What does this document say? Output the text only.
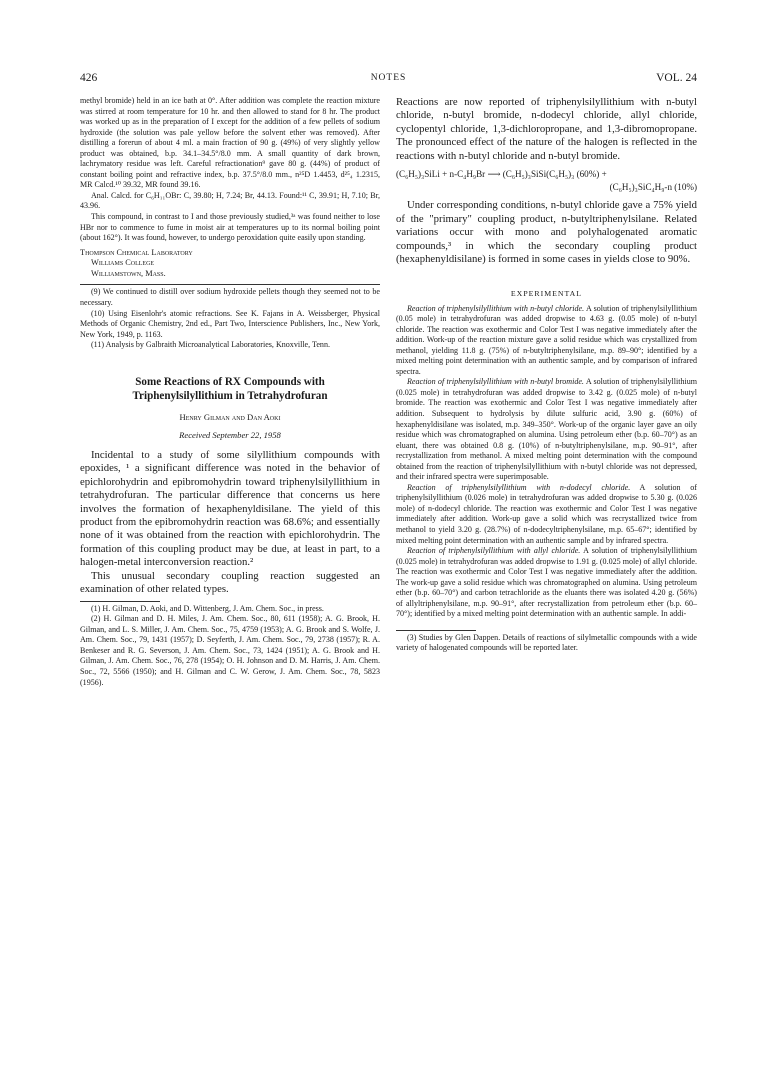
426	NOTES	VOL. 24

methyl bromide) held in an ice bath at 0°. After addition was complete the reaction mixture was stirred at room temperature for 10 hr. and then allowed to stand for 8 hr. The product was worked up as in the preparation of I except for the addition of a few pellets of sodium hydroxide (the solution was pale yellow before the solvent ether was removed). After distilling a forerun of about 4 ml. a main fraction of 90 g. (49%) of very slightly yellow product was obtained, b.p. 34.1–34.5°/8.0 mm. A small quantity of dark brown, lachrymatory residue was left. Careful refractionation⁹ gave 80 g. (44%) of product of constant boiling point and refractive index, b.p. 37.5°/8.0 mm., n²⁵D 1.4453, d²⁵₄ 1.2315, MR Calcd.¹⁰ 39.32, MR found 39.16.

Anal. Calcd. for C₆H₁₁OBr: C, 39.80; H, 7.24; Br, 44.13. Found:¹¹ C, 39.91; H, 7.10; Br, 43.96.

This compound, in contrast to I and those previously studied,³ᵃ was found neither to lose HBr nor to commence to fume in moist air at temperatures up to its normal boiling point (about 162°). It was found, however, to undergo peroxidation quite easily upon standing.

Thompson Chemical Laboratory
Williams College
Williamstown, Mass.

(9) We continued to distill over sodium hydroxide pellets though they seemed not to be necessary.

(10) Using Eisenlohr's atomic refractions. See K. Fajans in A. Weissberger, Physical Methods of Organic Chemistry, 2nd ed., Part Two, Interscience Publishers, Inc., New York, New York, 1949, p. 1163.

(11) Analysis by Galbraith Microanalytical Laboratories, Knoxville, Tenn.

Some Reactions of RX Compounds with
Triphenylsilyllithium in Tetrahydrofuran
Henry Gilman and Dan Aoki
Received September 22, 1958

Incidental to a study of some silyllithium compounds with epoxides, ¹ a significant difference was noted in the behavior of epichlorohydrin and epibromohydrin toward triphenylsilyllithium in tetrahydrofuran. The particular difference that concerns us here involves the formation of hexaphenyldisilane. The yield of this product from the epibromohydrin reaction was 68.6%; and essentially none of it was obtained from the reaction with epichlorohydrin. The formation of this coupling product may be due, at least in part, to a halogen-metal interconversion reaction.²

This unusual secondary coupling reaction suggested an examination of other related types.

(1) H. Gilman, D. Aoki, and D. Wittenberg, J. Am. Chem. Soc., in press.

(2) H. Gilman and D. H. Miles, J. Am. Chem. Soc., 80, 611 (1958); A. G. Brook, H. Gilman, and L. S. Miller, J. Am. Chem. Soc., 75, 4759 (1953); A. G. Brook and S. Wolfe, J. Am. Chem. Soc., 79, 1431 (1957); D. Seyferth, J. Am. Chem. Soc., 79, 2738 (1957); R. A. Benkeser and R. G. Severson, J. Am. Chem. Soc., 73, 1424 (1951); A. G. Brook and H. Gilman, J. Am. Chem. Soc., 76, 278 (1954); O. H. Johnson and D. M. Harris, J. Am. Chem. Soc., 72, 5566 (1950); and H. Gilman and C. W. Gerow, J. Am. Chem. Soc., 78, 5823 (1956).

Reactions are now reported of triphenylsilyllithium with n-butyl chloride, n-butyl bromide, n-dodecyl chloride, allyl chloride, cyclopentyl chloride, 1,3-dichloropropane, and 1,3-dibromopropane. The pronounced effect of the nature of the halogen is reflected in the reactions with n-butyl chloride and n-butyl bromide.

(C₆H₅)₃SiLi + n-C₄H₉Br ⟶ (C₆H₅)₃SiSi(C₆H₅)₃ (60%) +
(C₆H₅)₃SiC₄H₉-n (10%)

Under corresponding conditions, n-butyl chloride gave a 75% yield of the "primary" coupling product, n-butyltriphenylsilane. Related variations occur with mono and polyhalogenated aromatic compounds,³ in which the secondary coupling product (hexaphenyldisilane) is formed in some cases in yields close to 90%.

EXPERIMENTAL

Reaction of triphenylsilyllithium with n-butyl chloride. A solution of triphenylsilyllithium (0.05 mole) in tetrahydrofuran was added dropwise to 4.63 g. (0.05 mole) of n-butyl chloride. The reaction was exothermic and Color Test I was negative immediately after the addition. Work-up of the reaction mixture gave a solid residue which was crystallized from methanol, yielding 11.8 g. (75%) of n-butyltriphenylsilane, m.p. 89–90°; identified by a mixed melting point determination with an authentic sample, and by comparison of infrared spectra.

Reaction of triphenylsilyllithium with n-butyl bromide. A solution of triphenylsilyllithium (0.025 mole) in tetrahydrofuran was added dropwise to 3.42 g. (0.025 mole) of n-butyl bromide. The reaction was exothermic and Color Test I was negative immediately after addition. Subsequent to hydrolysis by dilute sulfuric acid, 3.90 g. (60%) of hexaphenyldisilane was isolated, m.p. 349–350°. Work-up of the organic layer gave an oily residue which was chromatographed on alumina. Using petroleum ether (b.p. 60–70°) as an eluant, there was obtained 0.8 g. (10%) of n-butyltriphenylsilane, m.p. 90–91°, after recrystallization from methanol. A mixed melting point determination with the compound obtained from the reaction of triphenylsilyllithium with n-butyl chloride was not depressed, and their infrared spectra were superimposable.

Reaction of triphenylsilyllithium with n-dodecyl chloride. A solution of triphenylsilyllithium (0.026 mole) in tetrahydrofuran was added dropwise to 5.30 g. (0.026 mole) of n-dodecyl chloride. The reaction was exothermic and Color Test I was negative immediately after addition. Work-up gave a solid which was recrystallized twice from methanol to yield 3.20 g. (28.7%) of n-dodecyltriphenylsilane, m.p. 65–67°; identified by mixed melting point determination with an authentic sample and by infrared spectra.

Reaction of triphenylsilyllithium with allyl chloride. A solution of triphenylsilyllithium (0.025 mole) in tetrahydrofuran was added dropwise to 1.91 g. (0.025 mole) of allyl chloride. The reaction was exothermic and Color Test I was negative immediately after the addition. The work-up gave a solid residue which was chromatographed on alumina. Using petroleum ether (b.p. 60–70°) and carbon tetrachloride as the eluants there was isolated 4.20 g. (56%) of allyltriphenylsilane, m.p. 90–91°, after recrystallization from petroleum ether (b.p. 60–70°); identified by a mixed melting point determination with an authentic sample. In addi-

(3) Studies by Glen Dappen. Details of reactions of silylmetallic compounds with a wide variety of halogenated compounds will be reported later.
